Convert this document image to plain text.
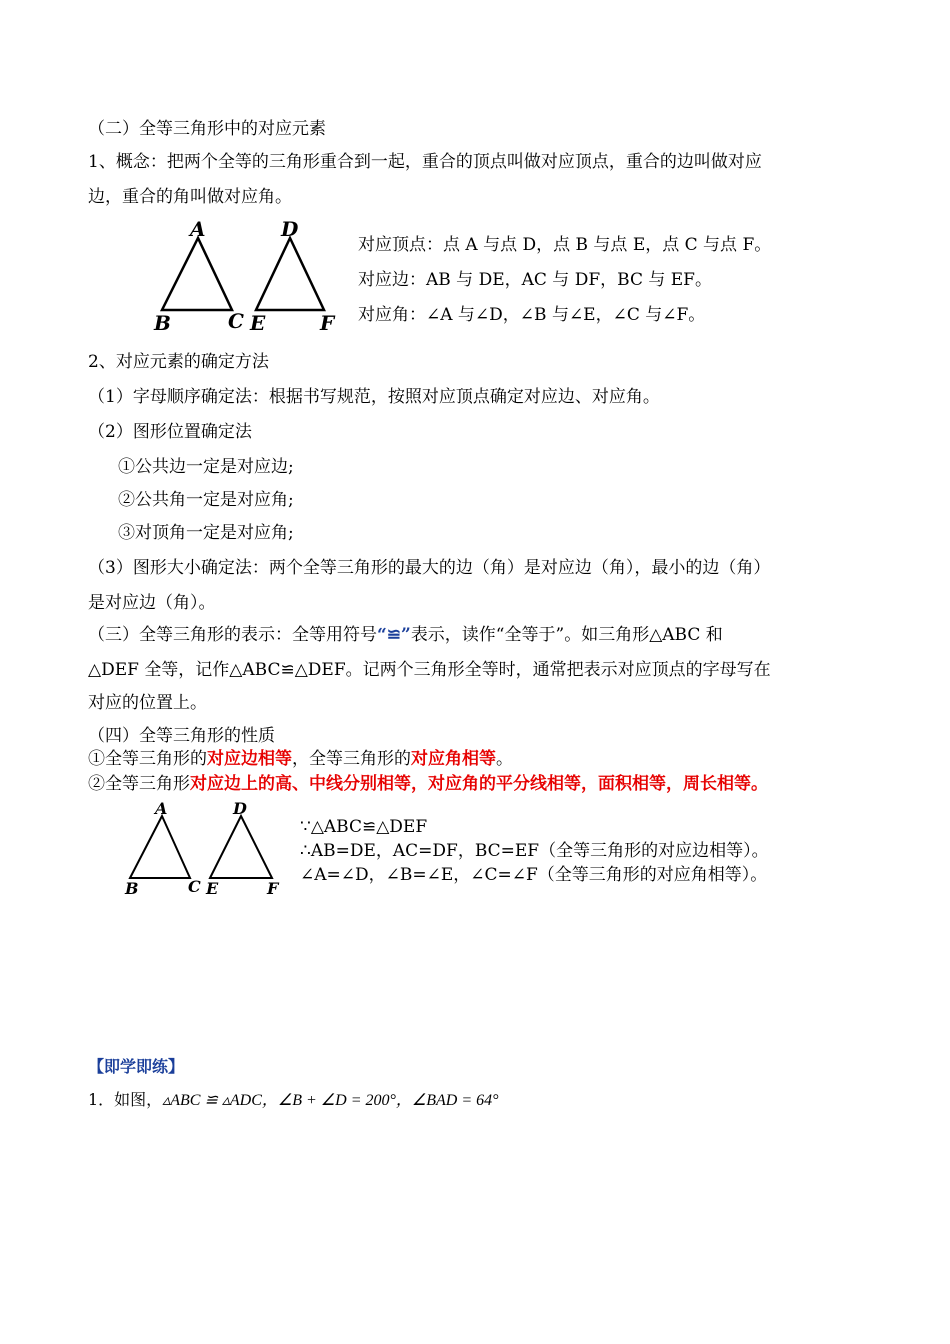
（二）全等三角形中的对应元素
1、概念：把两个全等的三角形重合到一起，重合的顶点叫做对应顶点，重合的边叫做对应
边，重合的角叫做对应角。
A
B	C
D
E	F
对应顶点：点 A 与点 D，点 B 与点 E，点 C 与点 F。
对应边：AB 与 DE，AC 与 DF，BC 与 EF。
对应角：∠A 与∠D，∠B 与∠E，∠C 与∠F。
2、对应元素的确定方法
（1）字母顺序确定法：根据书写规范，按照对应顶点确定对应边、对应角。
（2）图形位置确定法
①公共边一定是对应边;
②公共角一定是对应角;
③对顶角一定是对应角;
（3）图形大小确定法：两个全等三角形的最大的边（角）是对应边（角），最小的边（角）
是对应边（角）。
（三）全等三角形的表示：全等用符号“≌”表示，读作“全等于”。如三角形△ABC 和
△DEF 全等，记作△ABC≌△DEF。记两个三角形全等时，通常把表示对应顶点的字母写在
对应的位置上。
（四）全等三角形的性质
①全等三角形的对应边相等，全等三角形的对应角相等。
②全等三角形对应边上的高、中线分别相等，对应角的平分线相等，面积相等，周长相等。
A
B	C
D
E	F
∵△ABC≌△DEF
∴AB=DE，AC=DF，BC=EF（全等三角形的对应边相等）。
∠A=∠D，∠B=∠E，∠C=∠F（全等三角形的对应角相等）。
【即学即练】
1．如图，▵ABC ≌ ▵ADC，∠B + ∠D = 200°，∠BAD = 64°
